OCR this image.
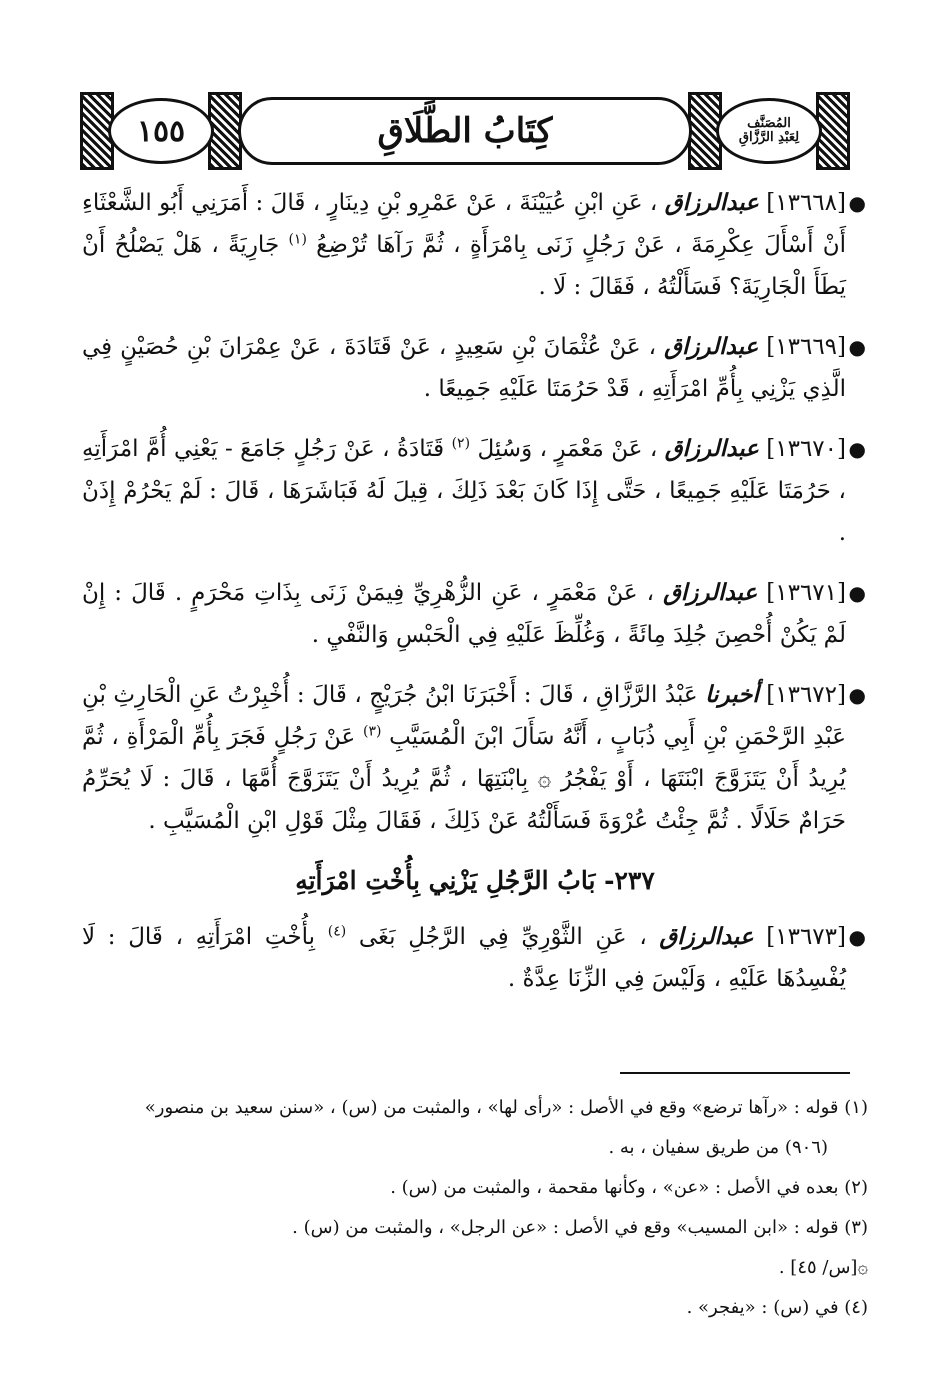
١٥٥	كِتَابُ الطَّلَاقِ	المُصَنَّف
لِعَبْدِ الرَّزَّاقِ

●
[١٣٦٦٨] عبدالرزاق ، عَنِ ابْنِ عُيَيْنَةَ ، عَنْ عَمْرِو بْنِ دِينَارٍ ، قَالَ : أَمَرَنِي أَبُو الشَّعْثَاءِ أَنْ أَسْأَلَ عِكْرِمَةَ ، عَنْ رَجُلٍ زَنَى بِامْرَأَةٍ ، ثُمَّ رَآهَا تُرْضِعُ $^{(١)}$ جَارِيَةً ، هَلْ يَصْلُحُ أَنْ يَطَأَ الْجَارِيَةَ؟ فَسَأَلْتُهُ ، فَقَالَ : لَا .

●
[١٣٦٦٩] عبدالرزاق ، عَنْ عُثْمَانَ بْنِ سَعِيدٍ ، عَنْ قَتَادَةَ ، عَنْ عِمْرَانَ بْنِ حُصَيْنٍ فِي الَّذِي يَزْنِي بِأُمِّ امْرَأَتِهِ ، قَدْ حَرُمَتَا عَلَيْهِ جَمِيعًا .

●
[١٣٦٧٠] عبدالرزاق ، عَنْ مَعْمَرٍ ، وَسُئِلَ $^{(٢)}$ قَتَادَةُ ، عَنْ رَجُلٍ جَامَعَ - يَعْنِي أُمَّ امْرَأَتِهِ ، حَرُمَتَا عَلَيْهِ جَمِيعًا ، حَتَّى إِذَا كَانَ بَعْدَ ذَلِكَ ، قِيلَ لَهُ فَبَاشَرَهَا ، قَالَ : لَمْ يَحْرُمْ إِذَنْ .

●
[١٣٦٧١] عبدالرزاق ، عَنْ مَعْمَرٍ ، عَنِ الزُّهْرِيِّ فِيمَنْ زَنَى بِذَاتِ مَحْرَمٍ . قَالَ : إِنْ لَمْ يَكُنْ أُحْصِنَ جُلِدَ مِائَةً ، وَغُلِّظَ عَلَيْهِ فِي الْحَبْسِ وَالنَّفْيِ .

●
[١٣٦٧٢] أخبرنا عَبْدُ الرَّزَّاقِ ، قَالَ : أَخْبَرَنَا ابْنُ جُرَيْجٍ ، قَالَ : أُخْبِرْتُ عَنِ الْحَارِثِ بْنِ عَبْدِ الرَّحْمَنِ بْنِ أَبِي ذُبَابٍ ، أَنَّهُ سَأَلَ ابْنَ الْمُسَيَّبِ $^{(٣)}$ عَنْ رَجُلٍ فَجَرَ بِأُمِّ الْمَرْأَةِ ، ثُمَّ يُرِيدُ أَنْ يَتَزَوَّجَ ابْنَتَهَا ، أَوْ يَفْجُرُ ۞ بِابْنَتِهَا ، ثُمَّ يُرِيدُ أَنْ يَتَزَوَّجَ أُمَّهَا ، قَالَ : لَا يُحَرِّمُ حَرَامٌ حَلَالًا . ثُمَّ جِئْتُ عُرْوَةَ فَسَأَلْتُهُ عَنْ ذَلِكَ ، فَقَالَ مِثْلَ قَوْلِ ابْنِ الْمُسَيَّبِ .

٢٣٧- بَابُ الرَّجُلِ يَزْنِي بِأُخْتِ امْرَأَتِهِ

●
[١٣٦٧٣] عبدالرزاق ، عَنِ الثَّوْرِيِّ فِي الرَّجُلِ بَغَى $^{(٤)}$ بِأُخْتِ امْرَأَتِهِ ، قَالَ : لَا يُفْسِدُهَا عَلَيْهِ ، وَلَيْسَ فِي الزِّنَا عِدَّةٌ .

(١) قوله : «رآها ترضع» وقع في الأصل : «رأى لها» ، والمثبت من (س) ، «سنن سعيد بن منصور»

(٩٠٦) من طريق سفيان ، به .

(٢) بعده في الأصل : «عن» ، وكأنها مقحمة ، والمثبت من (س) .

(٣) قوله : «ابن المسيب» وقع في الأصل : «عن الرجل» ، والمثبت من (س) .

۞[س/ ٤٥] .

(٤) في (س) : «يفجر» .
